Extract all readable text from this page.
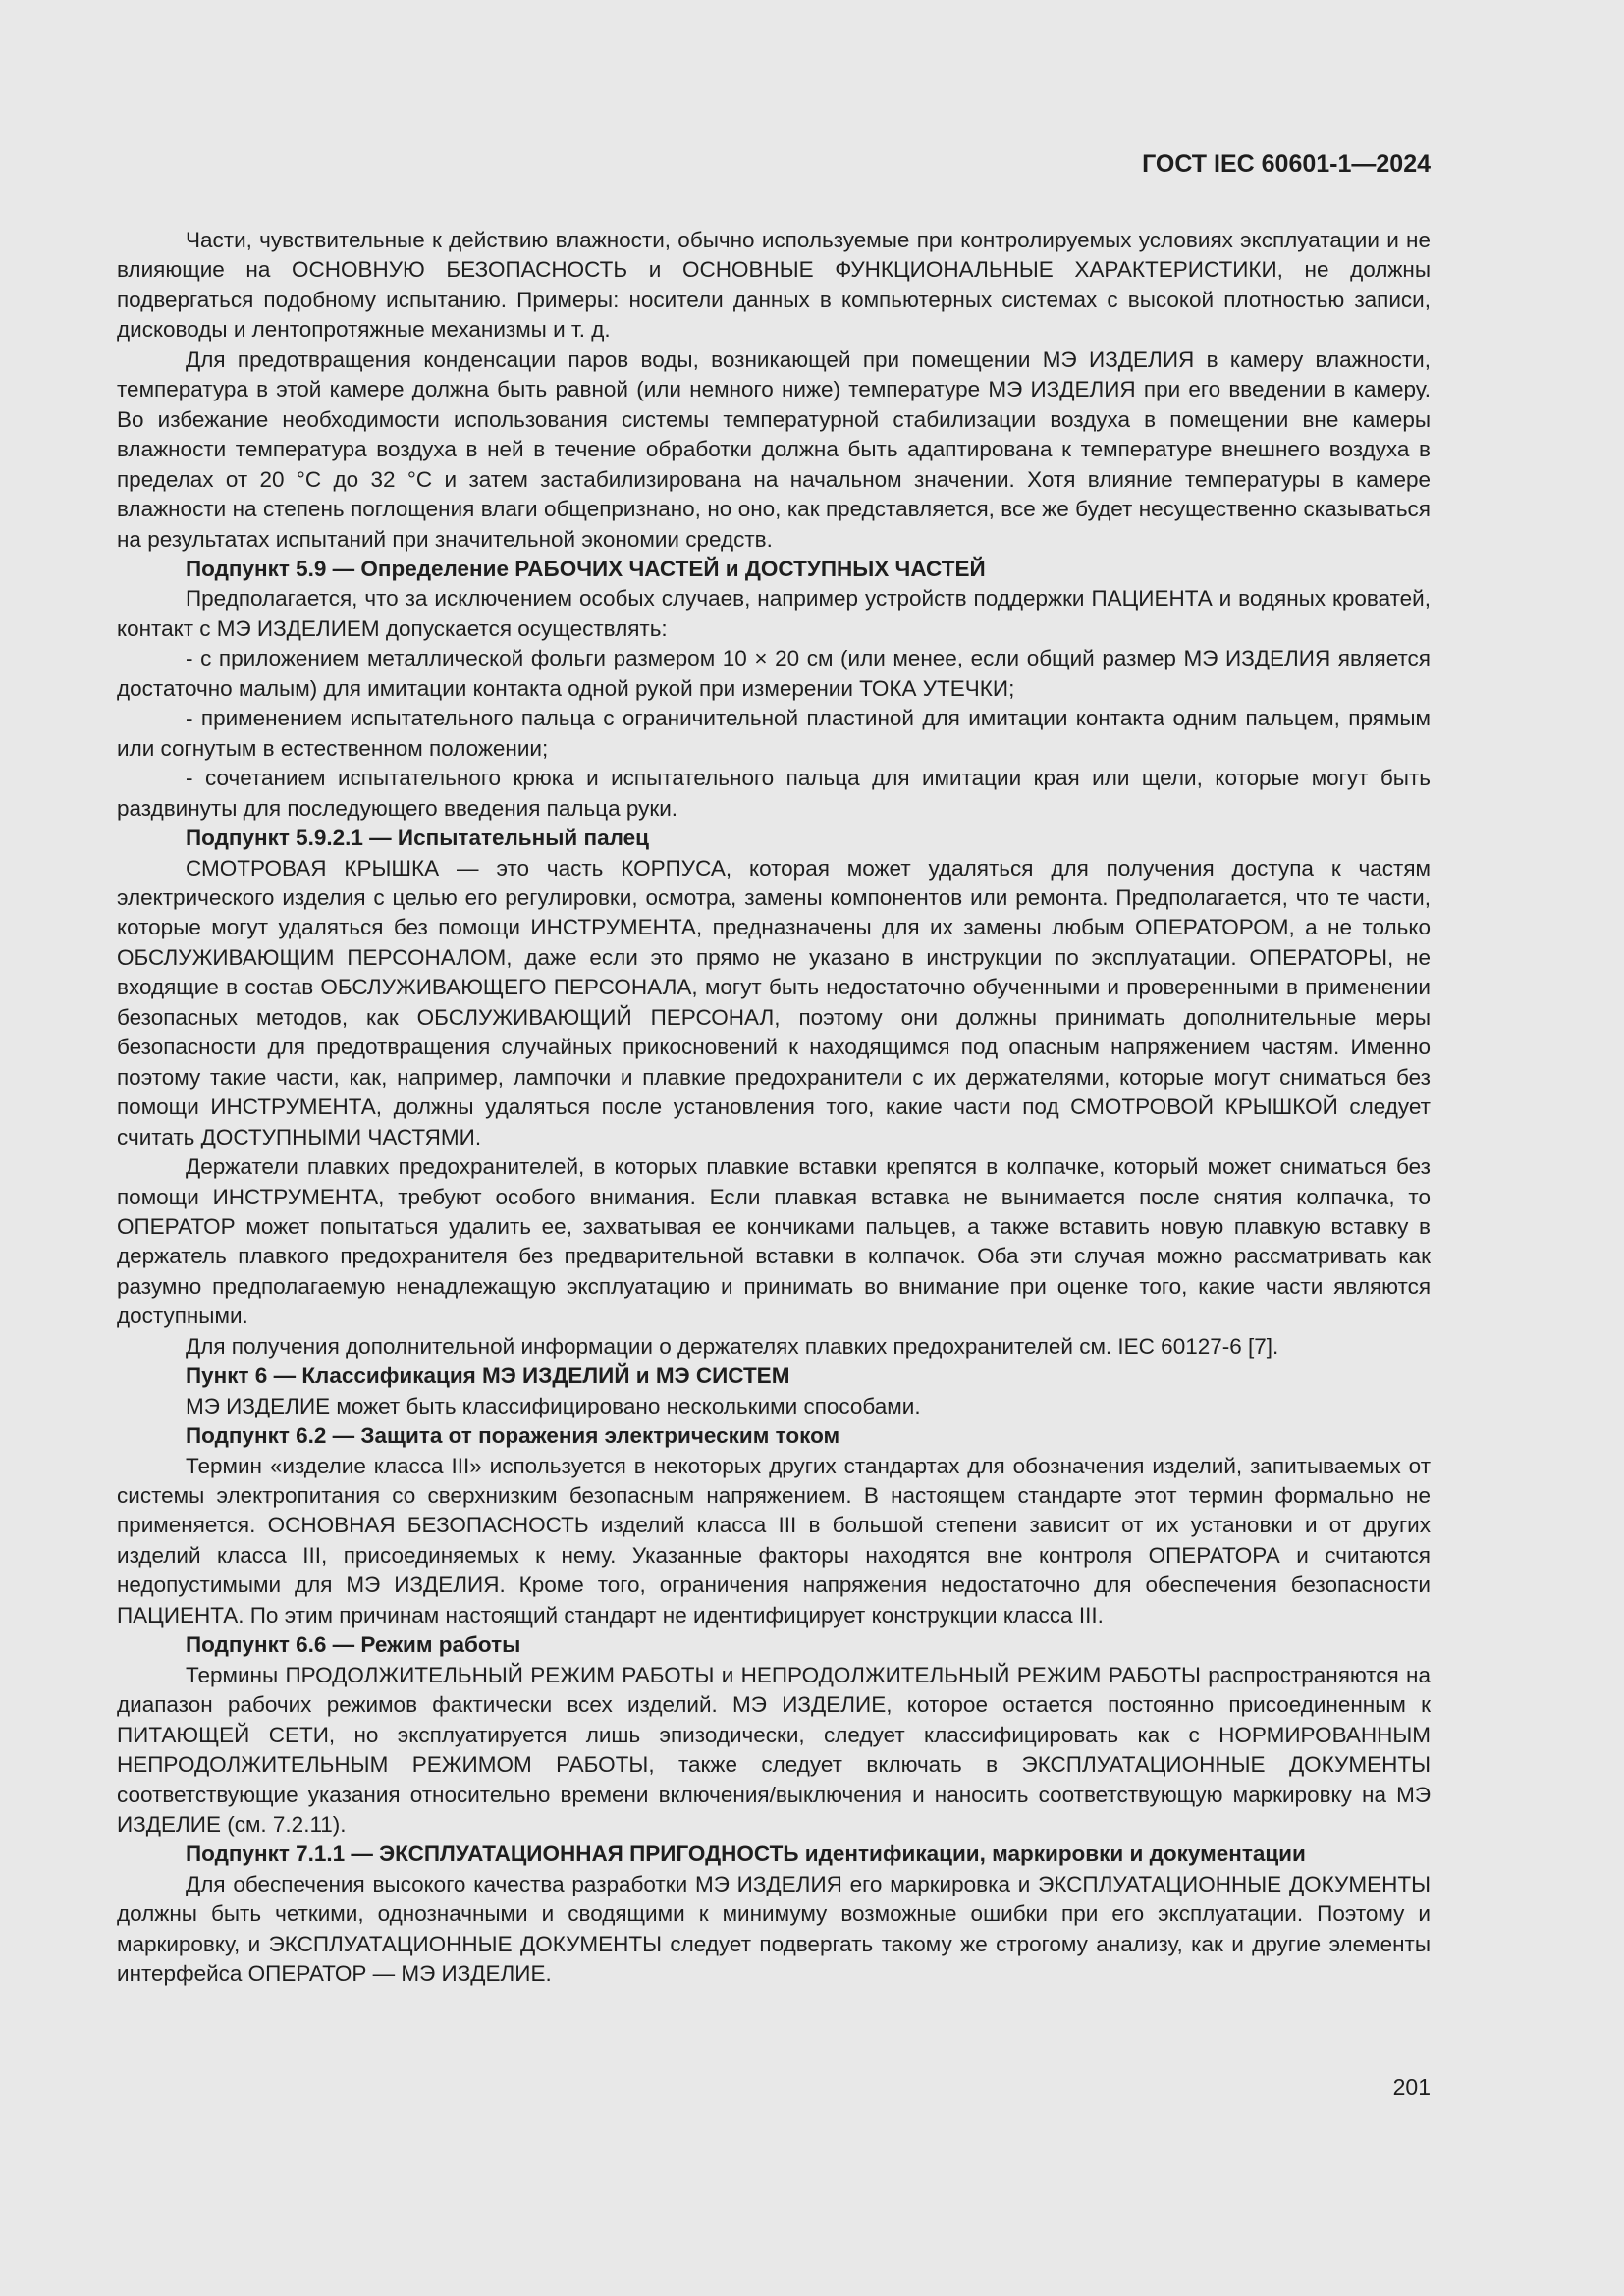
ГОСТ IEC 60601-1—2024

Части, чувствительные к действию влажности, обычно используемые при контролируемых условиях эксплуатации и не влияющие на ОСНОВНУЮ БЕЗОПАСНОСТЬ и ОСНОВНЫЕ ФУНКЦИОНАЛЬНЫЕ ХАРАКТЕРИСТИКИ, не должны подвергаться подобному испытанию. Примеры: носители данных в компьютерных системах с высокой плотностью записи, дисководы и лентопротяжные механизмы и т. д.

Для предотвращения конденсации паров воды, возникающей при помещении МЭ ИЗДЕЛИЯ в камеру влажности, температура в этой камере должна быть равной (или немного ниже) температуре МЭ ИЗДЕЛИЯ при его введении в камеру. Во избежание необходимости использования системы температурной стабилизации воздуха в помещении вне камеры влажности температура воздуха в ней в течение обработки должна быть адаптирована к температуре внешнего воздуха в пределах от 20 °С до 32 °С и затем застабилизирована на начальном значении. Хотя влияние температуры в камере влажности на степень поглощения влаги общепризнано, но оно, как представляется, все же будет несущественно сказываться на результатах испытаний при значительной экономии средств.

Подпункт 5.9 — Определение РАБОЧИХ ЧАСТЕЙ и ДОСТУПНЫХ ЧАСТЕЙ

Предполагается, что за исключением особых случаев, например устройств поддержки ПАЦИЕНТА и водяных кроватей, контакт с МЭ ИЗДЕЛИЕМ допускается осуществлять:

- с приложением металлической фольги размером 10 × 20 см (или менее, если общий размер МЭ ИЗДЕЛИЯ является достаточно малым) для имитации контакта одной рукой при измерении ТОКА УТЕЧКИ;

- применением испытательного пальца с ограничительной пластиной для имитации контакта одним пальцем, прямым или согнутым в естественном положении;

- сочетанием испытательного крюка и испытательного пальца для имитации края или щели, которые могут быть раздвинуты для последующего введения пальца руки.

Подпункт 5.9.2.1 — Испытательный палец

СМОТРОВАЯ КРЫШКА — это часть КОРПУСА, которая может удаляться для получения доступа к частям электрического изделия с целью его регулировки, осмотра, замены компонентов или ремонта. Предполагается, что те части, которые могут удаляться без помощи ИНСТРУМЕНТА, предназначены для их замены любым ОПЕРАТОРОМ, а не только ОБСЛУЖИВАЮЩИМ ПЕРСОНАЛОМ, даже если это прямо не указано в инструкции по эксплуатации. ОПЕРАТОРЫ, не входящие в состав ОБСЛУЖИВАЮЩЕГО ПЕРСОНАЛА, могут быть недостаточно обученными и проверенными в применении безопасных методов, как ОБСЛУЖИВАЮЩИЙ ПЕРСОНАЛ, поэтому они должны принимать дополнительные меры безопасности для предотвращения случайных прикосновений к находящимся под опасным напряжением частям. Именно поэтому такие части, как, например, лампочки и плавкие предохранители с их держателями, которые могут сниматься без помощи ИНСТРУМЕНТА, должны удаляться после установления того, какие части под СМОТРОВОЙ КРЫШКОЙ следует считать ДОСТУПНЫМИ ЧАСТЯМИ.

Держатели плавких предохранителей, в которых плавкие вставки крепятся в колпачке, который может сниматься без помощи ИНСТРУМЕНТА, требуют особого внимания. Если плавкая вставка не вынимается после снятия колпачка, то ОПЕРАТОР может попытаться удалить ее, захватывая ее кончиками пальцев, а также вставить новую плавкую вставку в держатель плавкого предохранителя без предварительной вставки в колпачок. Оба эти случая можно рассматривать как разумно предполагаемую ненадлежащую эксплуатацию и принимать во внимание при оценке того, какие части являются доступными.

Для получения дополнительной информации о держателях плавких предохранителей см. IEC 60127-6 [7].

Пункт 6 — Классификация МЭ ИЗДЕЛИЙ и МЭ СИСТЕМ

МЭ ИЗДЕЛИЕ может быть классифицировано несколькими способами.

Подпункт 6.2 — Защита от поражения электрическим током

Термин «изделие класса III» используется в некоторых других стандартах для обозначения изделий, запитываемых от системы электропитания со сверхнизким безопасным напряжением. В настоящем стандарте этот термин формально не применяется. ОСНОВНАЯ БЕЗОПАСНОСТЬ изделий класса III в большой степени зависит от их установки и от других изделий класса III, присоединяемых к нему. Указанные факторы находятся вне контроля ОПЕРАТОРА и считаются недопустимыми для МЭ ИЗДЕЛИЯ. Кроме того, ограничения напряжения недостаточно для обеспечения безопасности ПАЦИЕНТА. По этим причинам настоящий стандарт не идентифицирует конструкции класса III.

Подпункт 6.6 — Режим работы

Термины ПРОДОЛЖИТЕЛЬНЫЙ РЕЖИМ РАБОТЫ и НЕПРОДОЛЖИТЕЛЬНЫЙ РЕЖИМ РАБОТЫ распространяются на диапазон рабочих режимов фактически всех изделий. МЭ ИЗДЕЛИЕ, которое остается постоянно присоединенным к ПИТАЮЩЕЙ СЕТИ, но эксплуатируется лишь эпизодически, следует классифицировать как с НОРМИРОВАННЫМ НЕПРОДОЛЖИТЕЛЬНЫМ РЕЖИМОМ РАБОТЫ, также следует включать в ЭКСПЛУАТАЦИОННЫЕ ДОКУМЕНТЫ соответствующие указания относительно времени включения/выключения и наносить соответствующую маркировку на МЭ ИЗДЕЛИЕ (см. 7.2.11).

Подпункт 7.1.1 — ЭКСПЛУАТАЦИОННАЯ ПРИГОДНОСТЬ идентификации, маркировки и документации

Для обеспечения высокого качества разработки МЭ ИЗДЕЛИЯ его маркировка и ЭКСПЛУАТАЦИОННЫЕ ДОКУМЕНТЫ должны быть четкими, однозначными и сводящими к минимуму возможные ошибки при его эксплуатации. Поэтому и маркировку, и ЭКСПЛУАТАЦИОННЫЕ ДОКУМЕНТЫ следует подвергать такому же строгому анализу, как и другие элементы интерфейса ОПЕРАТОР — МЭ ИЗДЕЛИЕ.

201
